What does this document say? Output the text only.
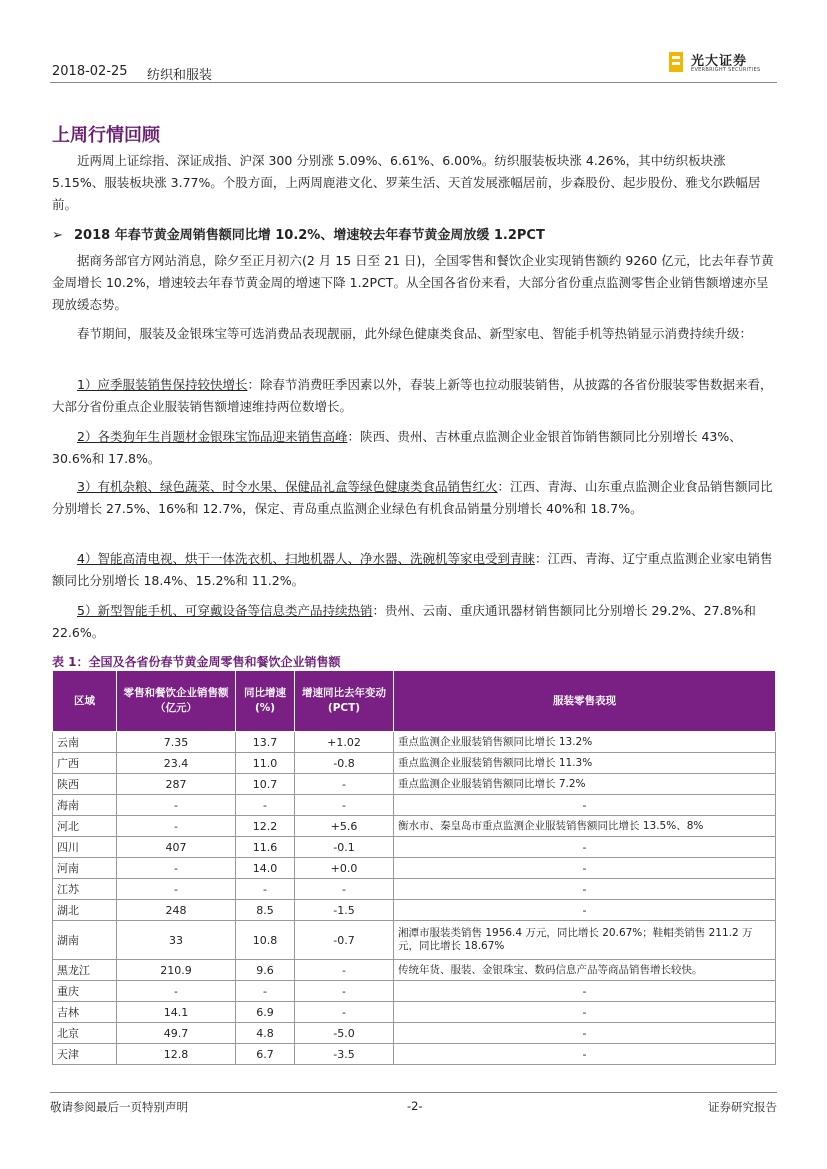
2018-02-25 纺织和服装
光大证券
EVERBRIGHT SECURITIES
上周行情回顾
近两周上证综指、深证成指、沪深 300 分别涨 5.09%、6.61%、6.00%。纺织服装板块涨 4.26%，其中纺织板块涨 5.15%、服装板块涨 3.77%。个股方面，上两周鹿港文化、罗莱生活、天首发展涨幅居前，步森股份、起步股份、雅戈尔跌幅居前。
➢ 2018 年春节黄金周销售额同比增 10.2%、增速较去年春节黄金周放缓 1.2PCT
据商务部官方网站消息，除夕至正月初六(2 月 15 日至 21 日)，全国零售和餐饮企业实现销售额约 9260 亿元，比去年春节黄金周增长 10.2%，增速较去年春节黄金周的增速下降 1.2PCT。从全国各省份来看，大部分省份重点监测零售企业销售额增速亦呈现放缓态势。
春节期间，服装及金银珠宝等可选消费品表现靓丽，此外绿色健康类食品、新型家电、智能手机等热销显示消费持续升级：
1）应季服装销售保持较快增长：除春节消费旺季因素以外，春装上新等也拉动服装销售，从披露的各省份服装零售数据来看，大部分省份重点企业服装销售额增速维持两位数增长。
2）各类狗年生肖题材金银珠宝饰品迎来销售高峰：陕西、贵州、吉林重点监测企业金银首饰销售额同比分别增长 43%、30.6%和 17.8%。
3）有机杂粮、绿色蔬菜、时令水果、保健品礼盒等绿色健康类食品销售红火：江西、青海、山东重点监测企业食品销售额同比分别增长 27.5%、16%和 12.7%，保定、青岛重点监测企业绿色有机食品销量分别增长 40%和 18.7%。
4）智能高清电视、烘干一体洗衣机、扫地机器人、净水器、洗碗机等家电受到青睐：江西、青海、辽宁重点监测企业家电销售额同比分别增长 18.4%、15.2%和 11.2%。
5）新型智能手机、可穿戴设备等信息类产品持续热销：贵州、云南、重庆通讯器材销售额同比分别增长 29.2%、27.8%和 22.6%。
表 1：全国及各省份春节黄金周零售和餐饮企业销售额
区域	零售和餐饮企业销售额（亿元）	同比增速(%)	增速同比去年变动(PCT)	服装零售表现
云南	7.35	13.7	+1.02	重点监测企业服装销售额同比增长 13.2%
广西	23.4	11.0	-0.8	重点监测企业服装销售额同比增长 11.3%
陕西	287	10.7	-	重点监测企业服装销售额同比增长 7.2%
海南	-	-	-	-
河北	-	12.2	+5.6	衡水市、秦皇岛市重点监测企业服装销售额同比增长 13.5%、8%
四川	407	11.6	-0.1	-
河南	-	14.0	+0.0	-
江苏	-	-	-	-
湖北	248	8.5	-1.5	-
湖南	33	10.8	-0.7	湘潭市服装类销售 1956.4 万元，同比增长 20.67%；鞋帽类销售 211.2 万元，同比增长 18.67%
黑龙江	210.9	9.6	-	传统年货、服装、金银珠宝、数码信息产品等商品销售增长较快。
重庆	-	-	-	-
吉林	14.1	6.9	-	-
北京	49.7	4.8	-5.0	-
天津	12.8	6.7	-3.5	-
敬请参阅最后一页特别声明	-2-	证券研究报告
